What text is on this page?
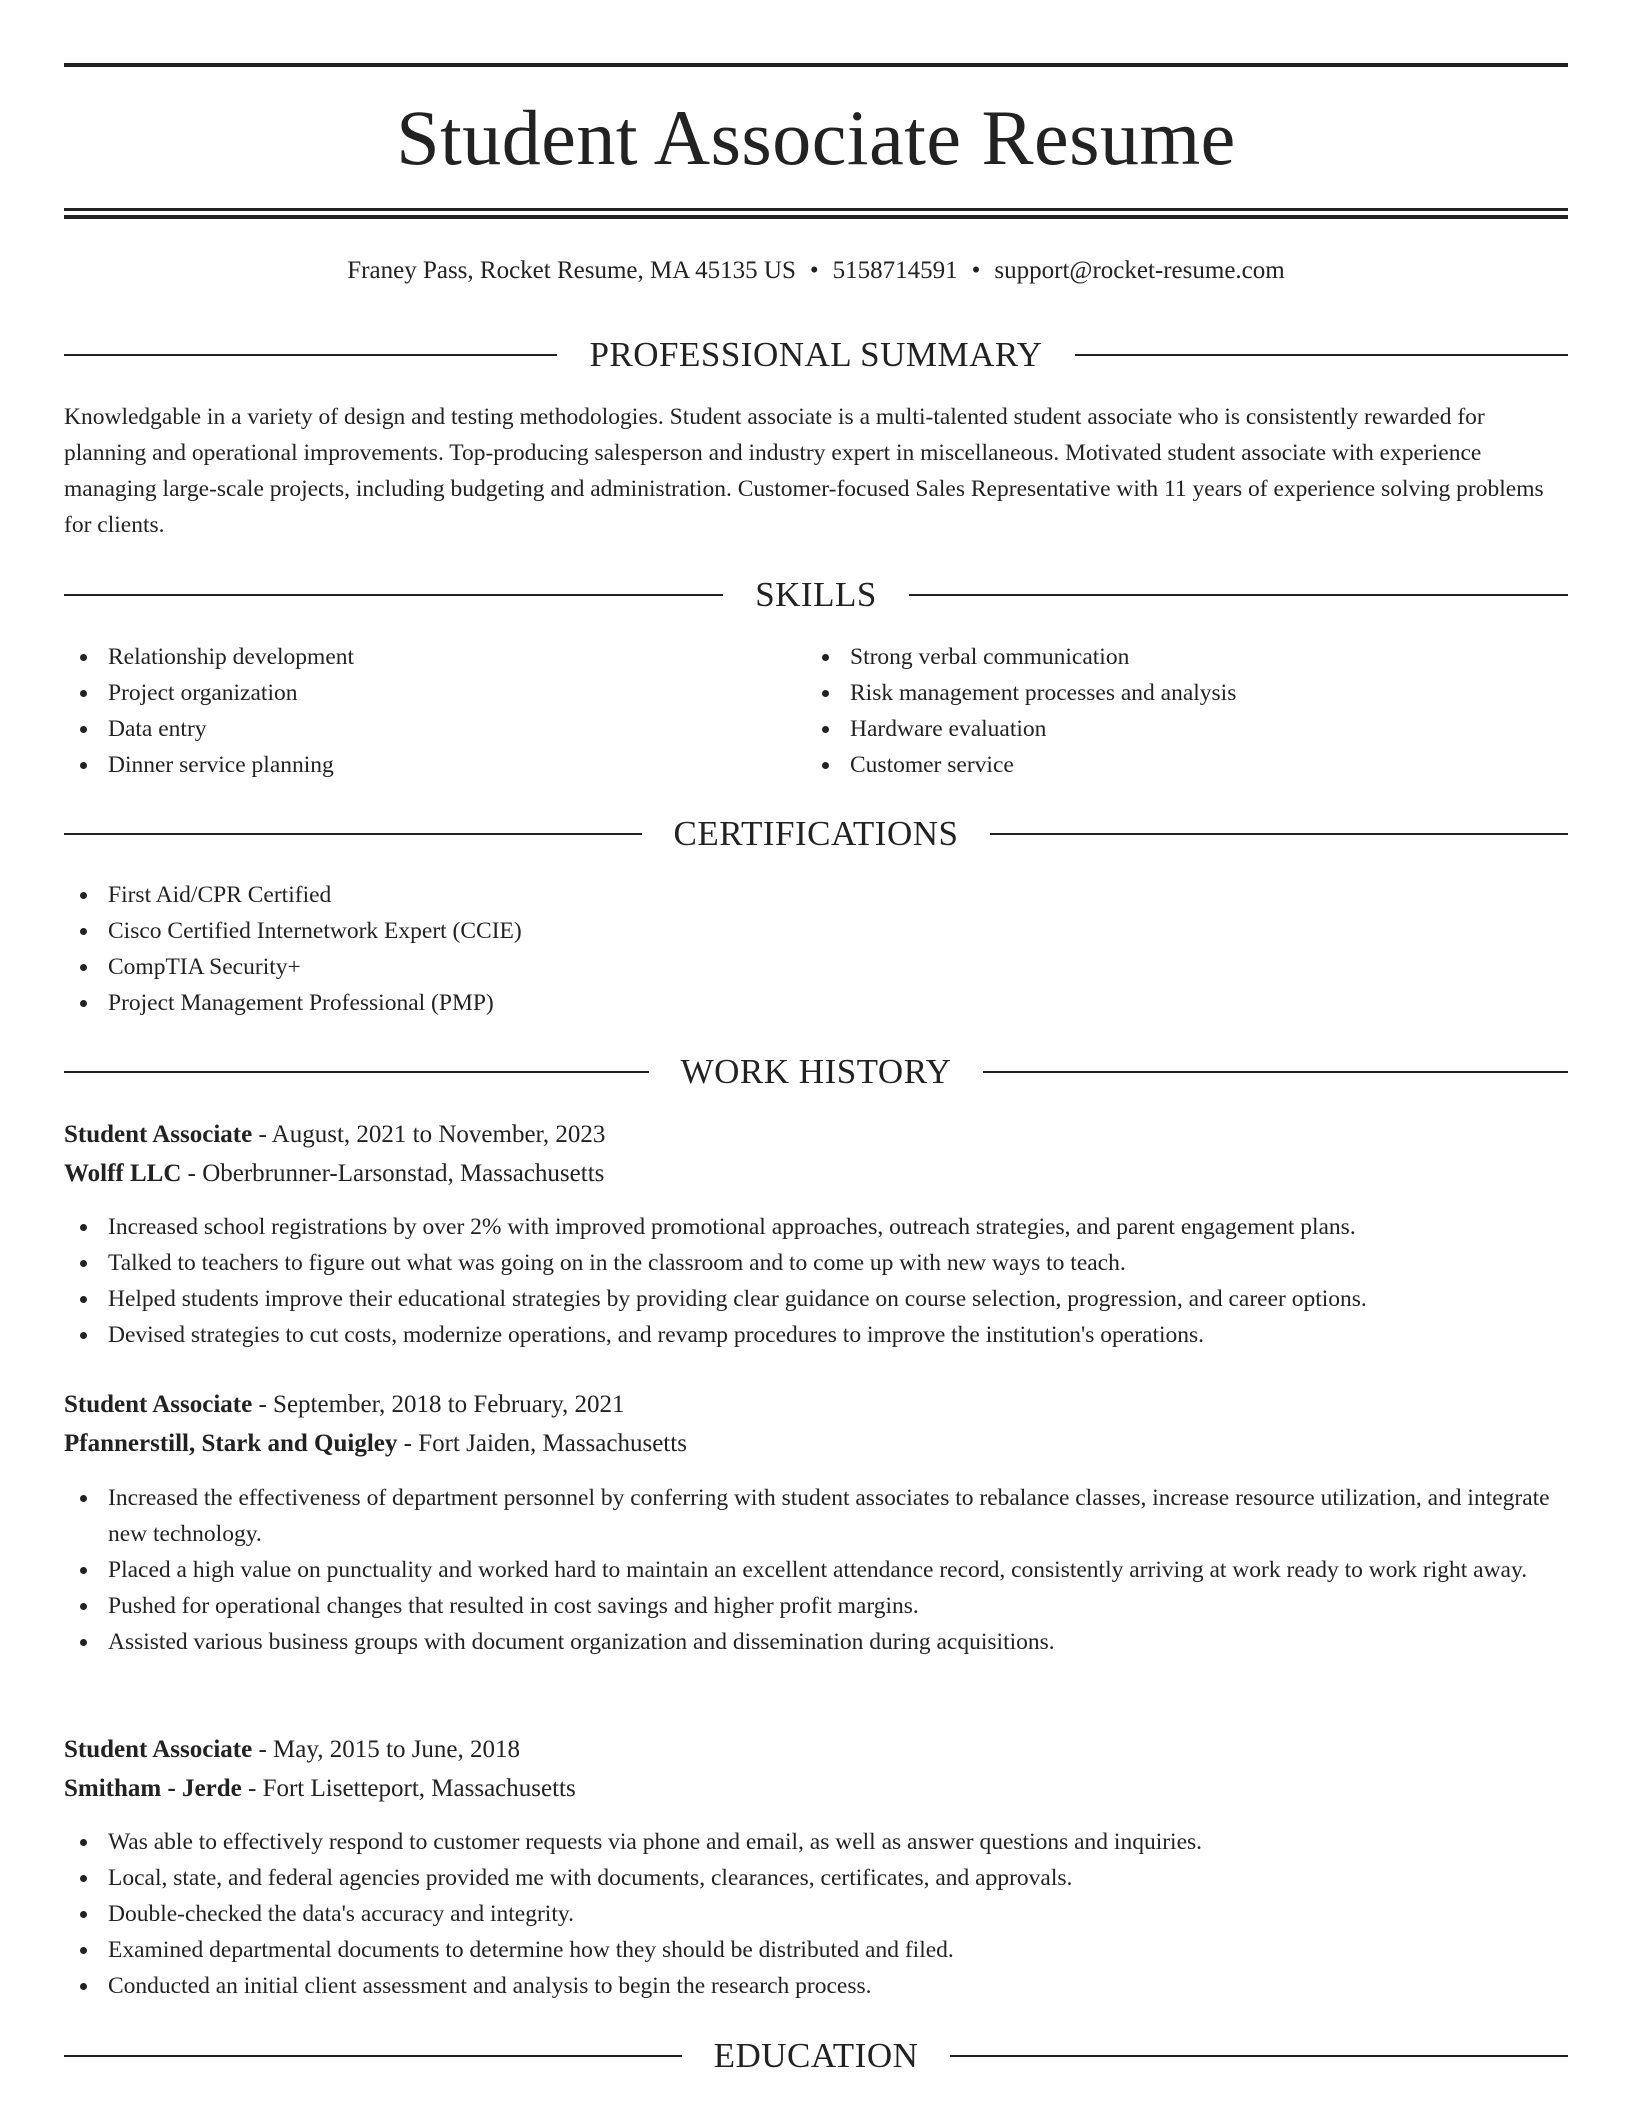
Student Associate Resume
Franey Pass, Rocket Resume, MA 45135 US • 5158714591 • support@rocket-resume.com
PROFESSIONAL SUMMARY

Knowledgable in a variety of design and testing methodologies. Student associate is a multi-talented student associate who is consistently rewarded for planning and operational improvements. Top-producing salesperson and industry expert in miscellaneous. Motivated student associate with experience managing large-scale projects, including budgeting and administration. Customer-focused Sales Representative with 11 years of experience solving problems for clients.

SKILLS
Relationship development
Project organization
Data entry
Dinner service planning
Strong verbal communication
Risk management processes and analysis
Hardware evaluation
Customer service
CERTIFICATIONS
First Aid/CPR Certified
Cisco Certified Internetwork Expert (CCIE)
CompTIA Security+
Project Management Professional (PMP)
WORK HISTORY
Student Associate - August, 2021 to November, 2023
Wolff LLC - Oberbrunner-Larsonstad, Massachusetts
Increased school registrations by over 2% with improved promotional approaches, outreach strategies, and parent engagement plans.
Talked to teachers to figure out what was going on in the classroom and to come up with new ways to teach.
Helped students improve their educational strategies by providing clear guidance on course selection, progression, and career options.
Devised strategies to cut costs, modernize operations, and revamp procedures to improve the institution's operations.
Student Associate - September, 2018 to February, 2021
Pfannerstill, Stark and Quigley - Fort Jaiden, Massachusetts
Increased the effectiveness of department personnel by conferring with student associates to rebalance classes, increase resource utilization, and integrate new technology.
Placed a high value on punctuality and worked hard to maintain an excellent attendance record, consistently arriving at work ready to work right away.
Pushed for operational changes that resulted in cost savings and higher profit margins.
Assisted various business groups with document organization and dissemination during acquisitions.
Student Associate - May, 2015 to June, 2018
Smitham - Jerde - Fort Lisetteport, Massachusetts
Was able to effectively respond to customer requests via phone and email, as well as answer questions and inquiries.
Local, state, and federal agencies provided me with documents, clearances, certificates, and approvals.
Double-checked the data's accuracy and integrity.
Examined departmental documents to determine how they should be distributed and filed.
Conducted an initial client assessment and analysis to begin the research process.
EDUCATION
